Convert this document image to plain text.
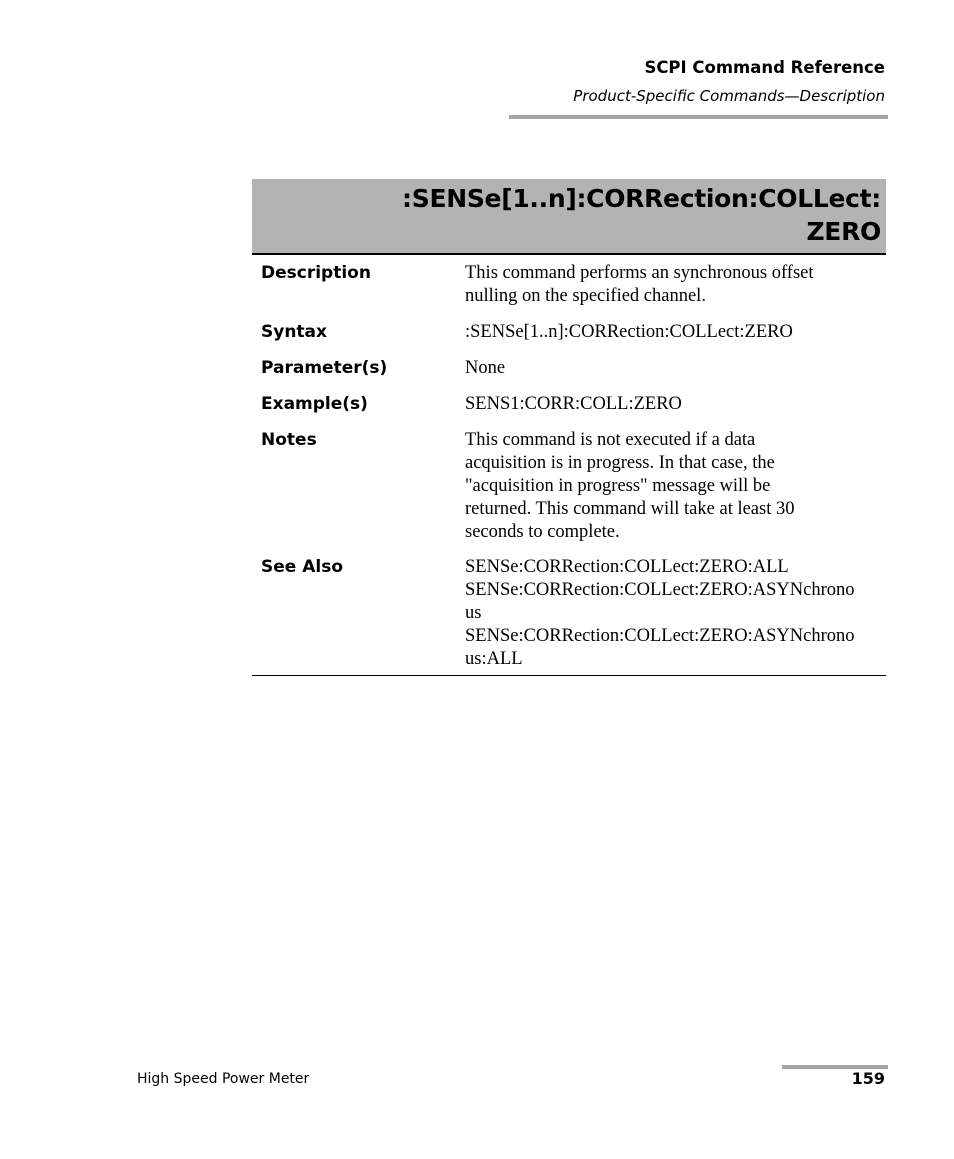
SCPI Command Reference
Product-Specific Commands—Description
:SENSe[1..n]:CORRection:COLLect:
ZERO
Description	This command performs an synchronous offset
nulling on the specified channel.
Syntax	:SENSe[1..n]:CORRection:COLLect:ZERO
Parameter(s)	None
Example(s)	SENS1:CORR:COLL:ZERO
Notes	This command is not executed if a data
acquisition is in progress. In that case, the
"acquisition in progress" message will be
returned. This command will take at least 30
seconds to complete.
See Also	SENSe:CORRection:COLLect:ZERO:ALL
SENSe:CORRection:COLLect:ZERO:ASYNchrono
us
SENSe:CORRection:COLLect:ZERO:ASYNchrono
us:ALL
High Speed Power Meter	159
